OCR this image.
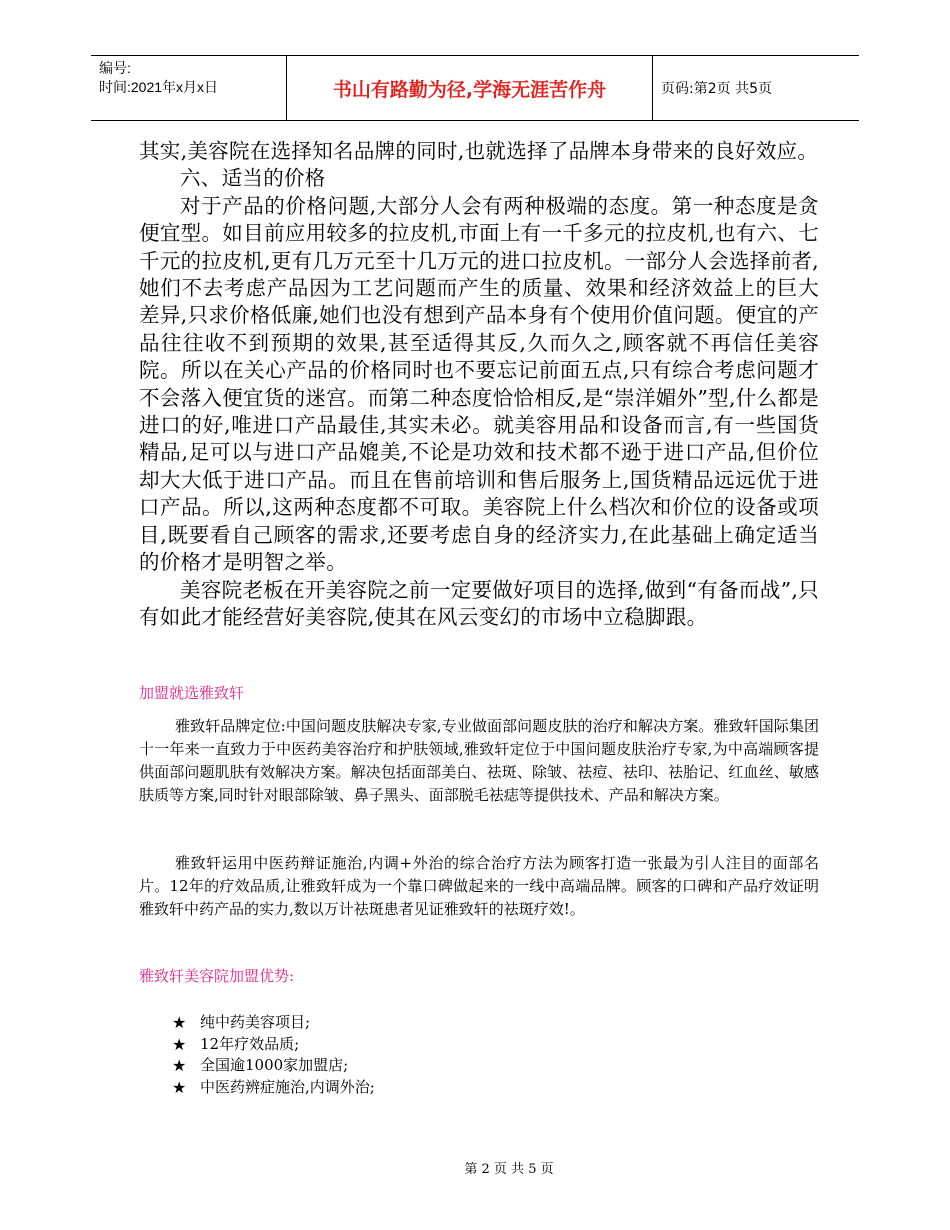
编号:
时间:2021年x月x日	书山有路勤为径,学海无涯苦作舟	页码:第2页 共5页

其实,美容院在选择知名品牌的同时,也就选择了品牌本身带来的良好效应。

六、适当的价格

对于产品的价格问题,大部分人会有两种极端的态度。第一种态度是贪便宜型。如目前应用较多的拉皮机,市面上有一千多元的拉皮机,也有六、七千元的拉皮机,更有几万元至十几万元的进口拉皮机。一部分人会选择前者,她们不去考虑产品因为工艺问题而产生的质量、效果和经济效益上的巨大差异,只求价格低廉,她们也没有想到产品本身有个使用价值问题。便宜的产品往往收不到预期的效果,甚至适得其反,久而久之,顾客就不再信任美容院。所以在关心产品的价格同时也不要忘记前面五点,只有综合考虑问题才不会落入便宜货的迷宫。而第二种态度恰恰相反,是“崇洋媚外”型,什么都是进口的好,唯进口产品最佳,其实未必。就美容用品和设备而言,有一些国货精品,足可以与进口产品媲美,不论是功效和技术都不逊于进口产品,但价位却大大低于进口产品。而且在售前培训和售后服务上,国货精品远远优于进口产品。所以,这两种态度都不可取。美容院上什么档次和价位的设备或项目,既要看自己顾客的需求,还要考虑自身的经济实力,在此基础上确定适当的价格才是明智之举。

美容院老板在开美容院之前一定要做好项目的选择,做到“有备而战”,只有如此才能经营好美容院,使其在风云变幻的市场中立稳脚跟。

加盟就选雅致轩

雅致轩品牌定位:中国问题皮肤解决专家,专业做面部问题皮肤的治疗和解决方案。雅致轩国际集团十一年来一直致力于中医药美容治疗和护肤领域,雅致轩定位于中国问题皮肤治疗专家,为中高端顾客提供面部问题肌肤有效解决方案。解决包括面部美白、祛斑、除皱、祛痘、祛印、祛胎记、红血丝、敏感肤质等方案,同时针对眼部除皱、鼻子黑头、面部脱毛祛痣等提供技术、产品和解决方案。

雅致轩运用中医药辩证施治,内调+外治的综合治疗方法为顾客打造一张最为引人注目的面部名片。12年的疗效品质,让雅致轩成为一个靠口碑做起来的一线中高端品牌。顾客的口碑和产品疗效证明雅致轩中药产品的实力,数以万计祛斑患者见证雅致轩的祛斑疗效!。

雅致轩美容院加盟优势:
★ 纯中药美容项目;
★ 12年疗效品质;
★ 全国逾1000家加盟店;
★ 中医药辨症施治,内调外治;
第 2 页 共 5 页
